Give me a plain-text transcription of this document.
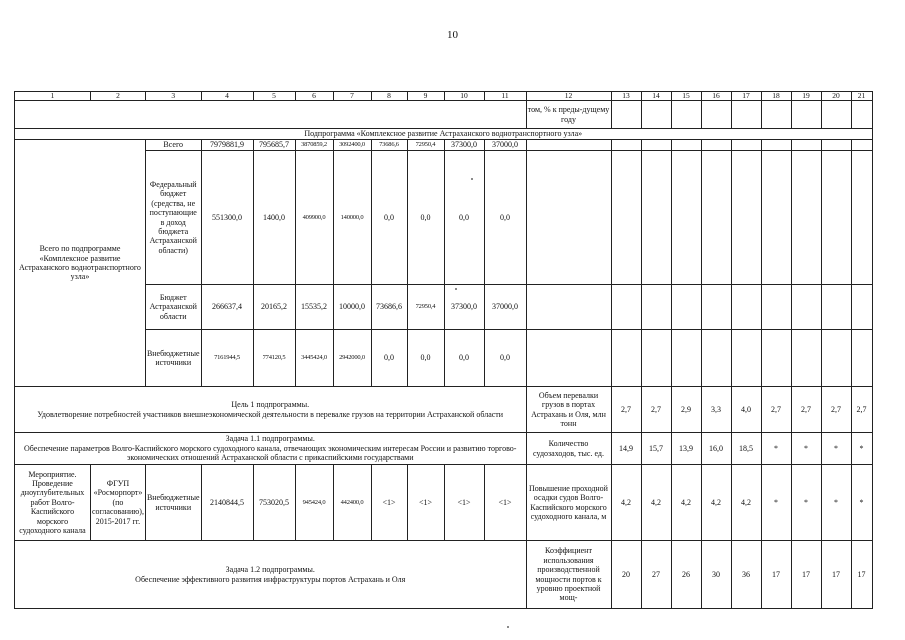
10
1	2	3	4	5	6	7	8	9	10	11	12	13	14	15	16	17	18	19	20	21
											том, % к преды-дущему году									
Подпрограмма «Комплексное развитие Астраханского воднотранспортного узла»																				
Всего по подпрограмме «Комплексное развитие Астраханского воднотранспортного узла»		Всего	7979881,9	795685,7	3870859,2	3092400,0	73686,6	72950,4	37300,0	37000,0										
		Федеральный бюджет (средства, не поступающие в доход бюджета Астраханской области)	551300,0	1400,0	409900,0	140000,0	0,0	0,0	0,0	0,0										
		Бюджет Астраханской области	266637,4	20165,2	15535,2	10000,0	73686,6	72950,4	37300,0	37000,0										
		Внебюджетные источники	7161944,5	774120,5	3445424,0	2942000,0	0,0	0,0	0,0	0,0										

Цель 1 подпрограммы.
Удовлетворение потребностей участников внешнеэкономической деятельности в перевалке грузов на территории Астраханской области											Объем перевалки грузов в портах Астрахань и Оля, млн тонн	2,7	2,7	2,9	3,3	4,0	2,7	2,7	2,7	2,7

Задача 1.1 подпрограммы.
Обеспечение параметров Волго-Каспийского морского судоходного канала, отвечающих экономическим интересам России и развитию торгово-экономических отношений Астраханской области с прикаспийскими государствами											Количество судозаходов, тыс. ед.	14,9	15,7	13,9	16,0	18,5	*	*	*	*
Мероприятие. Проведение дноуглубительных работ Волго-Каспийского морского судоходного канала	ФГУП «Росморпорт» (по согласованию), 2015-2017 гг.	Внебюджетные источники	2140844,5	753020,5	945424,0	442400,0	<1>	<1>	<1>	<1>	Повышение проходной осадки судов Волго-Каспийского морского судоходного канала, м	4,2	4,2	4,2	4,2	4,2	*	*	*	*

Задача 1.2 подпрограммы.
Обеспечение эффективного развития инфраструктуры портов Астрахань и Оля											Коэффициент использования производственной мощности портов к уровню проектной мощ-	20	27	26	30	36	17	17	17	17
